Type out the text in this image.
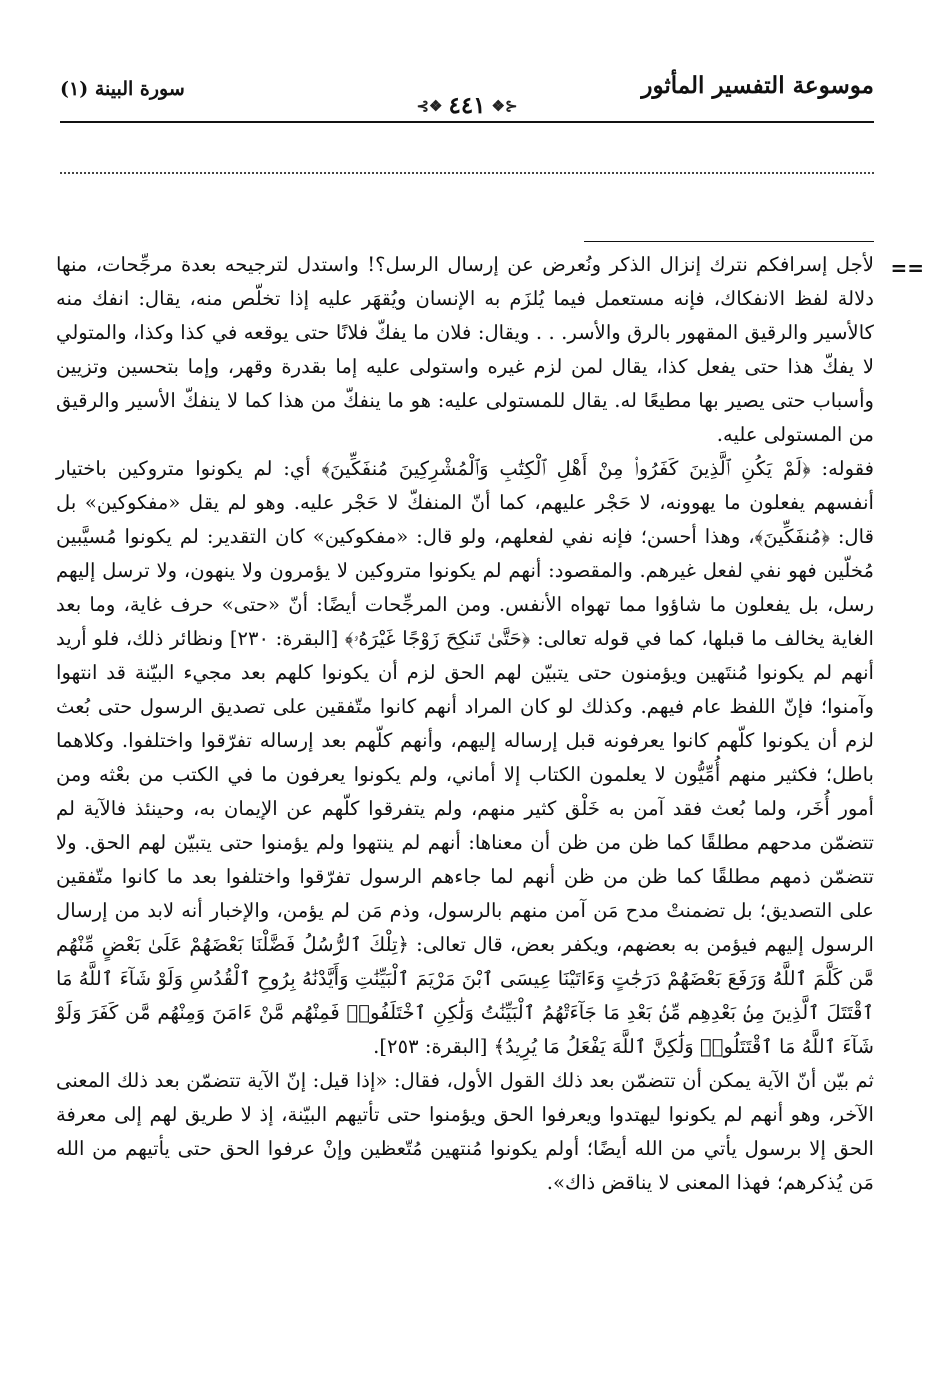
موسوعة التفسير المأثور
⊰❖ ٤٤١ ❖⊱
سورة البينة (١)
==

لأجل إسرافكم نترك إنزال الذكر ونُعرض عن إرسال الرسل؟! واستدل لترجيحه بعدة مرجِّحات، منها دلالة لفظ الانفكاك، فإنه مستعمل فيما يُلزَم به الإنسان ويُقهَر عليه إذا تخلّص منه، يقال: انفك منه كالأسير والرقيق المقهور بالرق والأسر. . . ويقال: فلان ما يفكّ فلانًا حتى يوقعه في كذا وكذا، والمتولي لا يفكّ هذا حتى يفعل كذا، يقال لمن لزم غيره واستولى عليه إما بقدرة وقهر، وإما بتحسين وتزيين وأسباب حتى يصير بها مطيعًا له. يقال للمستولى عليه: هو ما ينفكّ من هذا كما لا ينفكّ الأسير والرقيق من المستولى عليه.

فقوله: ﴿لَمْ يَكُنِ ٱلَّذِينَ كَفَرُوا۟ مِنْ أَهْلِ ٱلْكِتَٰبِ وَٱلْمُشْرِكِينَ مُنفَكِّينَ﴾ أي: لم يكونوا متروكين باختيار أنفسهم يفعلون ما يهوونه، لا حَجْر عليهم، كما أنّ المنفكّ لا حَجْر عليه. وهو لم يقل «مفكوكين» بل قال: ﴿مُنفَكِّينَ﴾، وهذا أحسن؛ فإنه نفي لفعلهم، ولو قال: «مفكوكين» كان التقدير: لم يكونوا مُسيَّبين مُخلّين فهو نفي لفعل غيرهم. والمقصود: أنهم لم يكونوا متروكين لا يؤمرون ولا ينهون، ولا ترسل إليهم رسل، بل يفعلون ما شاؤوا مما تهواه الأنفس. ومن المرجِّحات أيضًا: أنّ «حتى» حرف غاية، وما بعد الغاية يخالف ما قبلها، كما في قوله تعالى: ﴿حَتَّىٰ تَنكِحَ زَوْجًا غَيْرَهُۥ﴾ [البقرة: ٢٣٠] ونظائر ذلك، فلو أريد أنهم لم يكونوا مُنتَهين ويؤمنون حتى يتبيّن لهم الحق لزم أن يكونوا كلهم بعد مجيء البيّنة قد انتهوا وآمنوا؛ فإنّ اللفظ عام فيهم. وكذلك لو كان المراد أنهم كانوا متّفقين على تصديق الرسول حتى بُعث لزم أن يكونوا كلّهم كانوا يعرفونه قبل إرساله إليهم، وأنهم كلّهم بعد إرساله تفرّقوا واختلفوا. وكلاهما باطل؛ فكثير منهم أُمِّيُّون لا يعلمون الكتاب إلا أماني، ولم يكونوا يعرفون ما في الكتب من بعْثه ومن أمور أُخَر، ولما بُعث فقد آمن به خَلْق كثير منهم، ولم يتفرقوا كلّهم عن الإيمان به، وحينئذ فالآية لم تتضمّن مدحهم مطلقًا كما ظن من ظن أن معناها: أنهم لم ينتهوا ولم يؤمنوا حتى يتبيّن لهم الحق. ولا تتضمّن ذمهم مطلقًا كما ظن من ظن أنهم لما جاءهم الرسول تفرّقوا واختلفوا بعد ما كانوا متّفقين على التصديق؛ بل تضمنتْ مدح مَن آمن منهم بالرسول، وذم مَن لم يؤمن، والإخبار أنه لابد من إرسال الرسول إليهم فيؤمن به بعضهم، ويكفر بعض، قال تعالى: ﴿تِلْكَ ٱلرُّسُلُ فَضَّلْنَا بَعْضَهُمْ عَلَىٰ بَعْضٍ مِّنْهُم مَّن كَلَّمَ ٱللَّهُ وَرَفَعَ بَعْضَهُمْ دَرَجَٰتٍ وَءَاتَيْنَا عِيسَى ٱبْنَ مَرْيَمَ ٱلْبَيِّنَٰتِ وَأَيَّدْنَٰهُ بِرُوحِ ٱلْقُدُسِ وَلَوْ شَآءَ ٱللَّهُ مَا ٱقْتَتَلَ ٱلَّذِينَ مِنۢ بَعْدِهِم مِّنۢ بَعْدِ مَا جَآءَتْهُمُ ٱلْبَيِّنَٰتُ وَلَٰكِنِ ٱخْتَلَفُوا۟ فَمِنْهُم مَّنْ ءَامَنَ وَمِنْهُم مَّن كَفَرَ وَلَوْ شَآءَ ٱللَّهُ مَا ٱقْتَتَلُوا۟ وَلَٰكِنَّ ٱللَّهَ يَفْعَلُ مَا يُرِيدُ﴾ [البقرة: ٢٥٣].

ثم بيّن أنّ الآية يمكن أن تتضمّن بعد ذلك القول الأول، فقال: «إذا قيل: إنّ الآية تتضمّن بعد ذلك المعنى الآخر، وهو أنهم لم يكونوا ليهتدوا ويعرفوا الحق ويؤمنوا حتى تأتيهم البيّنة، إذ لا طريق لهم إلى معرفة الحق إلا برسول يأتي من الله أيضًا؛ أولم يكونوا مُنتهين مُتّعظين وإنْ عرفوا الحق حتى يأتيهم من الله مَن يُذكرهم؛ فهذا المعنى لا يناقض ذاك».
